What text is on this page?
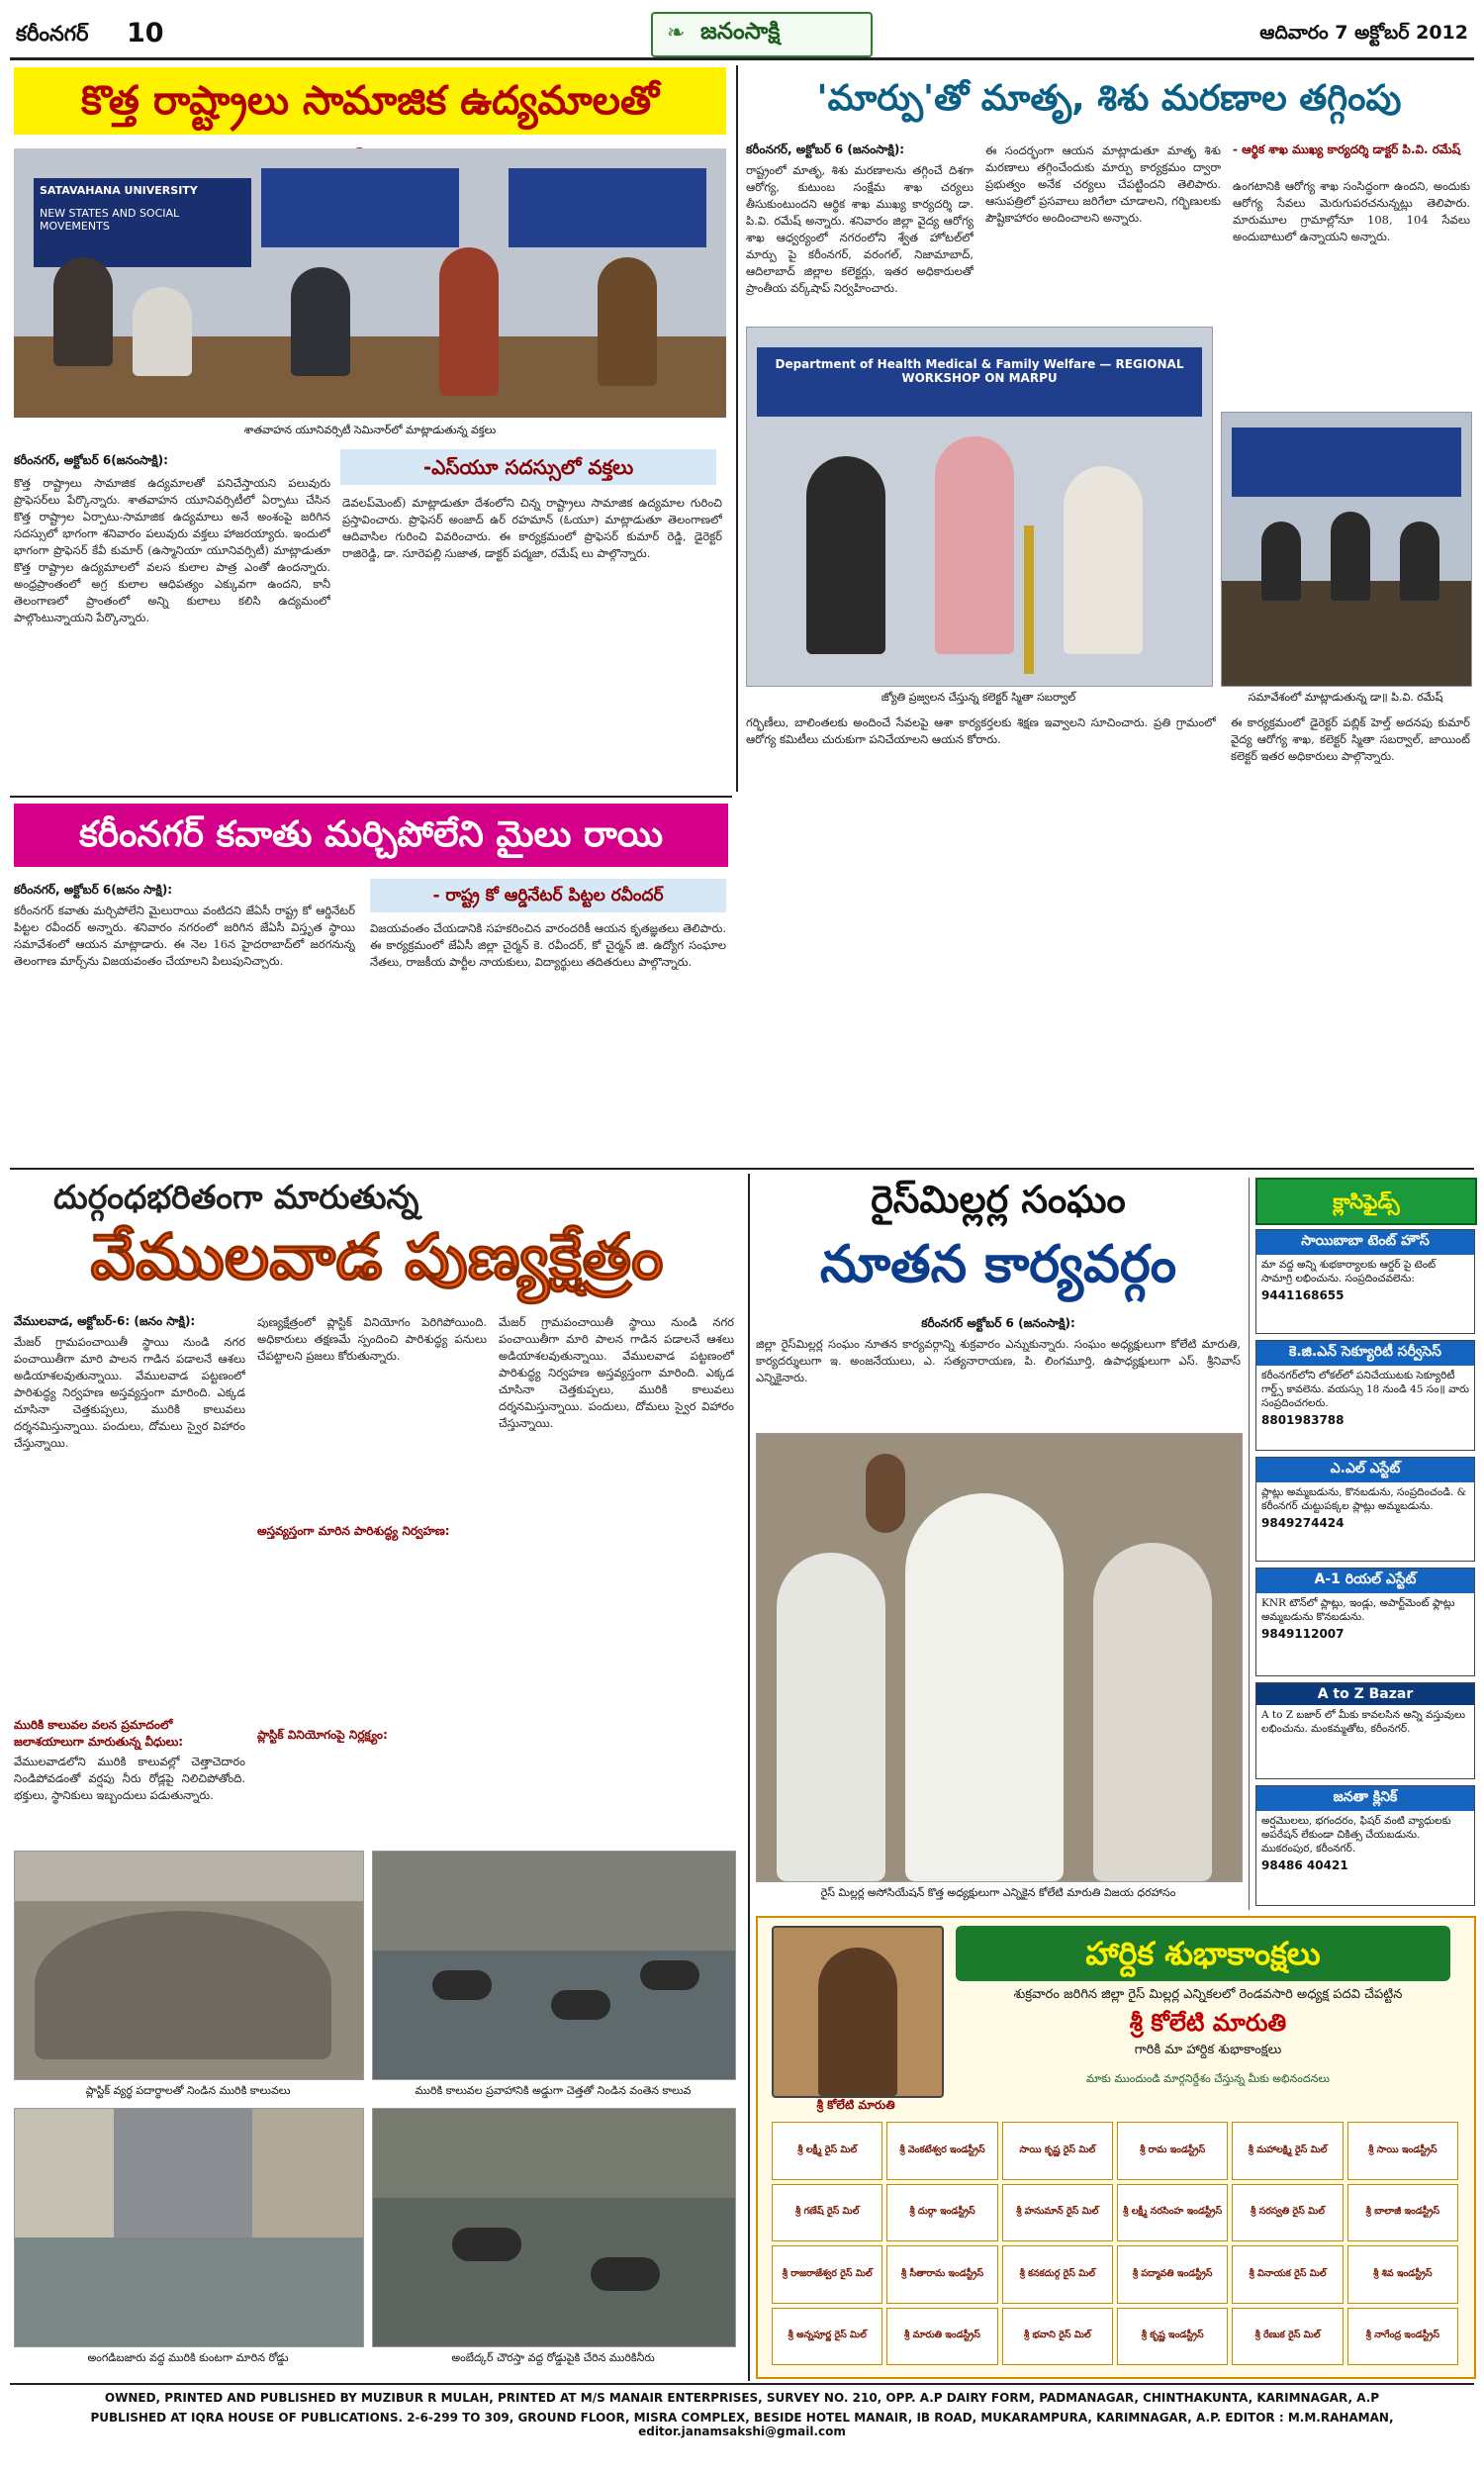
కరీంనగర్ 10	❧ జనంసాక్షి	ఆదివారం 7 అక్టోబర్ 2012
కొత్త రాష్ట్రాలు సామాజిక ఉద్యమాలతో
SATAVAHANA UNIVERSITY
NEW STATES AND SOCIAL MOVEMENTS
శాతవాహన యూనివర్సిటీ సెమినార్‌లో మాట్లాడుతున్న వక్తలు
-ఎస్‌యూ సదస్సులో వక్తలు
కరీంనగర్, అక్టోబర్ 6(జనంసాక్షి):
కొత్త రాష్ట్రాలు సామాజిక ఉద్యమాలతో పనిచేస్తాయని పలువురు ప్రొఫెసర్‌లు పేర్కొన్నారు. శాతవాహన యూనివర్సిటీలో ఏర్పాటు చేసిన కొత్త రాష్ట్రాల ఏర్పాటు-సామాజిక ఉద్యమాలు అనే అంశంపై జరిగిన సదస్సులో భాగంగా శనివారం పలువురు వక్తలు హాజరయ్యారు. ఇందులో భాగంగా ప్రొఫెసర్ కేవీ కుమార్ (ఉస్మానియా యూనివర్సిటీ) మాట్లాడుతూ కొత్త రాష్ట్రాల ఉద్యమాలలో వలస కులాల పాత్ర ఎంతో ఉందన్నారు. అంధ్రప్రాంతంలో అగ్ర కులాల ఆధిపత్యం ఎక్కువగా ఉందని, కానీ తెలంగాణలో ప్రాంతంలో అన్ని కులాలు కలిసి ఉద్యమంలో పాల్గొంటున్నాయని పేర్కొన్నారు.
డెవలప్‌మెంట్) మాట్లాడుతూ దేశంలోని చిన్న రాష్ట్రాలు సామాజిక ఉద్యమాల గురించి ప్రస్తావించారు. ప్రొఫెసర్ అంజాద్ ఉర్ రహమాన్ (ఓయూ) మాట్లాడుతూ తెలంగాణలో ఆదివాసిల గురించి వివరించారు. ఈ కార్యక్రమంలో ప్రొఫెసర్ కుమార్ రెడ్డి, డైరెక్టర్ రాజిరెడ్డి, డా. సూరెపల్లి సుజాత, డాక్టర్ పద్మజా, రమేష్ లు పాల్గొన్నారు.
'మార్పు'తో మాతృ, శిశు మరణాల తగ్గింపు
కరీంనగర్, అక్టోబర్ 6 (జనంసాక్షి):
రాష్ట్రంలో మాతృ, శిశు మరణాలను తగ్గించే దిశగా ఆరోగ్య, కుటుంబ సంక్షేమ శాఖ చర్యలు తీసుకుంటుందని ఆర్థిక శాఖ ముఖ్య కార్యదర్శి డా. పి.వి. రమేష్ అన్నారు. శనివారం జిల్లా వైద్య ఆరోగ్య శాఖ ఆధ్వర్యంలో నగరంలోని శ్వేత హోటల్‌లో మార్పు పై కరీంనగర్, వరంగల్, నిజామాబాద్, ఆదిలాబాద్ జిల్లాల కలెక్టర్లు, ఇతర అధికారులతో ప్రాంతీయ వర్క్‌షాప్ నిర్వహించారు.
ఈ సందర్భంగా ఆయన మాట్లాడుతూ మాతృ శిశు మరణాలు తగ్గించేందుకు మార్పు కార్యక్రమం ద్వారా ప్రభుత్వం అనేక చర్యలు చేపట్టిందని తెలిపారు. ఆసుపత్రిలో ప్రసవాలు జరిగేలా చూడాలని, గర్భిణులకు పౌష్టికాహారం అందించాలని అన్నారు.
- ఆర్థిక శాఖ ముఖ్య కార్యదర్శి డాక్టర్ పి.వి. రమేష్
ఉంగటానికి ఆరోగ్య శాఖ సంసిద్ధంగా ఉందని, అందుకు ఆరోగ్య సేవలు మెరుగుపరచనున్నట్లు తెలిపారు. మారుమూల గ్రామాల్లోనూ 108, 104 సేవలు అందుబాటులో ఉన్నాయని అన్నారు.
Department of Health Medical & Family Welfare — REGIONAL WORKSHOP ON MARPU
జ్యోతి ప్రజ్వలన చేస్తున్న కలెక్టర్ స్మితా సబర్వాల్	సమావేశంలో మాట్లాడుతున్న డా॥ పి.వి. రమేష్
గర్భిణీలు, బాలింతలకు అందించే సేవలపై ఆశా కార్యకర్తలకు శిక్షణ ఇవ్వాలని సూచించారు. ప్రతి గ్రామంలో ఆరోగ్య కమిటీలు చురుకుగా పనిచేయాలని ఆయన కోరారు.
ఈ కార్యక్రమంలో డైరెక్టర్ పబ్లిక్ హెల్త్ అదనపు కుమార్ వైద్య ఆరోగ్య శాఖ, కలెక్టర్ స్మితా సబర్వాల్, జాయింట్ కలెక్టర్ ఇతర అధికారులు పాల్గొన్నారు.
కరీంనగర్ కవాతు మర్చిపోలేని మైలు రాయి
కరీంనగర్, అక్టోబర్ 6(జనం సాక్షి):	- రాష్ట్ర కో ఆర్డినేటర్ పిట్టల రవీందర్
కరీంనగర్ కవాతు మర్చిపోలేని మైలురాయి వంటిదని జేఏసీ రాష్ట్ర కో ఆర్డినేటర్ పిట్టల రవీందర్ అన్నారు. శనివారం నగరంలో జరిగిన జేఏసీ విస్తృత స్థాయి సమావేశంలో ఆయన మాట్లాడారు. ఈ నెల 16న హైదరాబాద్‌లో జరగనున్న తెలంగాణ మార్చ్‌ను విజయవంతం చేయాలని పిలుపునిచ్చారు.
విజయవంతం చేయడానికి సహకరించిన వారందరికీ ఆయన కృతజ్ఞతలు తెలిపారు. ఈ కార్యక్రమంలో జేఏసీ జిల్లా చైర్మన్ కె. రవీందర్, కో చైర్మన్ జి. ఉద్యోగ సంఘాల నేతలు, రాజకీయ పార్టీల నాయకులు, విద్యార్థులు తదితరులు పాల్గొన్నారు.
దుర్గంధభరితంగా మారుతున్న
వేములవాడ పుణ్యక్షేత్రం
వేములవాడ, అక్టోబర్-6: (జనం సాక్షి):
మేజర్ గ్రామపంచాయితీ స్థాయి నుండి నగర పంచాయితీగా మారి పాలన గాడిన పడాలనే ఆశలు అడియాశలవుతున్నాయి. వేములవాడ పట్టణంలో పారిశుద్ధ్య నిర్వహణ అస్తవ్యస్తంగా మారింది. ఎక్కడ చూసినా చెత్తకుప్పలు, మురికి కాలువలు దర్శనమిస్తున్నాయి. పందులు, దోమలు స్వైర విహారం చేస్తున్నాయి.
మురికి కాలువల వలన ప్రమాదంలో జలాశయాలుగా మారుతున్న వీధులు:
వేములవాడలోని మురికి కాలువల్లో చెత్తాచెదారం నిండిపోవడంతో వర్షపు నీరు రోడ్లపై నిలిచిపోతోంది. భక్తులు, స్థానికులు ఇబ్బందులు పడుతున్నారు.
అస్తవ్యస్తంగా మారిన పారిశుద్ధ్య నిర్వహణ:
పుణ్యక్షేత్రంలో ప్లాస్టిక్ వినియోగం పెరిగిపోయింది. అధికారులు తక్షణమే స్పందించి పారిశుద్ధ్య పనులు చేపట్టాలని ప్రజలు కోరుతున్నారు.
ప్లాస్టిక్ వినియోగంపై నిర్లక్ష్యం:
మేజర్ గ్రామపంచాయితీ స్థాయి నుండి నగర పంచాయితీగా మారి పాలన గాడిన పడాలనే ఆశలు అడియాశలవుతున్నాయి. వేములవాడ పట్టణంలో పారిశుద్ధ్య నిర్వహణ అస్తవ్యస్తంగా మారింది. ఎక్కడ చూసినా చెత్తకుప్పలు, మురికి కాలువలు దర్శనమిస్తున్నాయి. పందులు, దోమలు స్వైర విహారం చేస్తున్నాయి.
ప్లాస్టిక్ వ్యర్థ పదార్థాలతో నిండిన మురికి కాలువలు	మురికి కాలువల ప్రవాహానికి అడ్డుగా చెత్తతో నిండిన వంతెన కాలువ
అంగడిబజారు వద్ద మురికి కుంటగా మారిన రోడ్డు	అంబేద్కర్ చౌరస్తా వద్ద రోడ్డుపైకి చేరిన మురికినీరు
రైస్‌మిల్లర్ల సంఘం
నూతన కార్యవర్గం
కరీంనగర్ అక్టోబర్ 6 (జనంసాక్షి):
జిల్లా రైస్‌మిల్లర్ల సంఘం నూతన కార్యవర్గాన్ని శుక్రవారం ఎన్నుకున్నారు. సంఘం అధ్యక్షులుగా కోలేటి మారుతి, కార్యదర్శులుగా ఇ. అంజనేయులు, ఎ. సత్యనారాయణ, పి. లింగమూర్తి, ఉపాధ్యక్షులుగా ఎస్. శ్రీనివాస్ ఎన్నికైనారు.
రైస్ మిల్లర్ల అసోసియేషన్ కొత్త అధ్యక్షులుగా ఎన్నికైన కోలేటి మారుతి విజయ ధరహాసం
క్లాసిఫైడ్స్
సాయిబాబా టెంట్ హౌస్
మా వద్ద అన్ని శుభకార్యాలకు ఆర్డర్ పై టెంట్ సామాగ్రి లభించును. సంప్రదించవలెను:
9441168655
కె.జి.ఎన్ సెక్యూరిటీ సర్వీసెస్
కరీంనగర్‌లోని లోకల్‌లో పనిచేయుటకు సెక్యూరిటీ గార్డ్స్ కావలెను. వయస్సు 18 నుండి 45 సం॥ వారు సంప్రదించగలరు.
8801983788
ఎ.ఎల్ ఎస్టేట్
ప్లాట్లు అమ్మబడును, కొనబడును, సంప్రదించండి. & కరీంనగర్ చుట్టుపక్కల ప్లాట్లు అమ్మబడును.
9849274424
A-1 రియల్ ఎస్టేట్
KNR టౌన్‌లో ప్లాట్లు, ఇండ్లు, అపార్ట్‌మెంట్ ఫ్లాట్లు అమ్మబడును కొనబడును.
9849112007
A to Z Bazar
A to Z బజార్ లో మీకు కావలసిన అన్ని వస్తువులు లభించును. మంకమ్మతోట, కరీంనగర్.
జనతా క్లినిక్
అర్షమొలలు, భగందరం, ఫిషర్ వంటి వ్యాధులకు అపరేషన్ లేకుండా చికిత్స చేయబడును. ముకరంపుర, కరీంనగర్.
98486 40421
హార్దిక శుభాకాంక్షలు
శ్రీ కోలేటి మారుతి
శుక్రవారం జరిగిన జిల్లా రైస్ మిల్లర్ల ఎన్నికలలో రెండవసారి అధ్యక్ష పదవి చేపట్టిన
శ్రీ కోలేటి మారుతి
గారికి మా హార్దిక శుభాకాంక్షలు
మాకు ముందుండి మార్గనిర్దేశం చేస్తున్న మీకు అభినందనలు
శ్రీ లక్ష్మీ రైస్ మిల్	శ్రీ వెంకటేశ్వర ఇండస్ట్రీస్	సాయి కృష్ణ రైస్ మిల్	శ్రీ రామ ఇండస్ట్రీస్	శ్రీ మహాలక్ష్మి రైస్ మిల్	శ్రీ సాయి ఇండస్ట్రీస్
శ్రీ గణేష్ రైస్ మిల్	శ్రీ దుర్గా ఇండస్ట్రీస్	శ్రీ హనుమాన్ రైస్ మిల్	శ్రీ లక్ష్మీ నరసింహ ఇండస్ట్రీస్	శ్రీ సరస్వతి రైస్ మిల్	శ్రీ బాలాజీ ఇండస్ట్రీస్
శ్రీ రాజరాజేశ్వర రైస్ మిల్	శ్రీ సీతారామ ఇండస్ట్రీస్	శ్రీ కనకదుర్గ రైస్ మిల్	శ్రీ పద్మావతి ఇండస్ట్రీస్	శ్రీ వినాయక రైస్ మిల్	శ్రీ శివ ఇండస్ట్రీస్
శ్రీ అన్నపూర్ణ రైస్ మిల్	శ్రీ మారుతి ఇండస్ట్రీస్	శ్రీ భవాని రైస్ మిల్	శ్రీ కృష్ణ ఇండస్ట్రీస్	శ్రీ రేణుక రైస్ మిల్	శ్రీ నాగేంద్ర ఇండస్ట్రీస్
OWNED, PRINTED AND PUBLISHED BY MUZIBUR R MULAH, PRINTED AT M/S MANAIR ENTERPRISES, SURVEY NO. 210, OPP. A.P DAIRY FORM, PADMANAGAR, CHINTHAKUNTA, KARIMNAGAR, A.P
PUBLISHED AT IQRA HOUSE OF PUBLICATIONS. 2-6-299 TO 309, GROUND FLOOR, MISRA COMPLEX, BESIDE HOTEL MANAIR, IB ROAD, MUKARAMPURA, KARIMNAGAR, A.P. EDITOR : M.M.RAHAMAN, editor.janamsakshi@gmail.com
